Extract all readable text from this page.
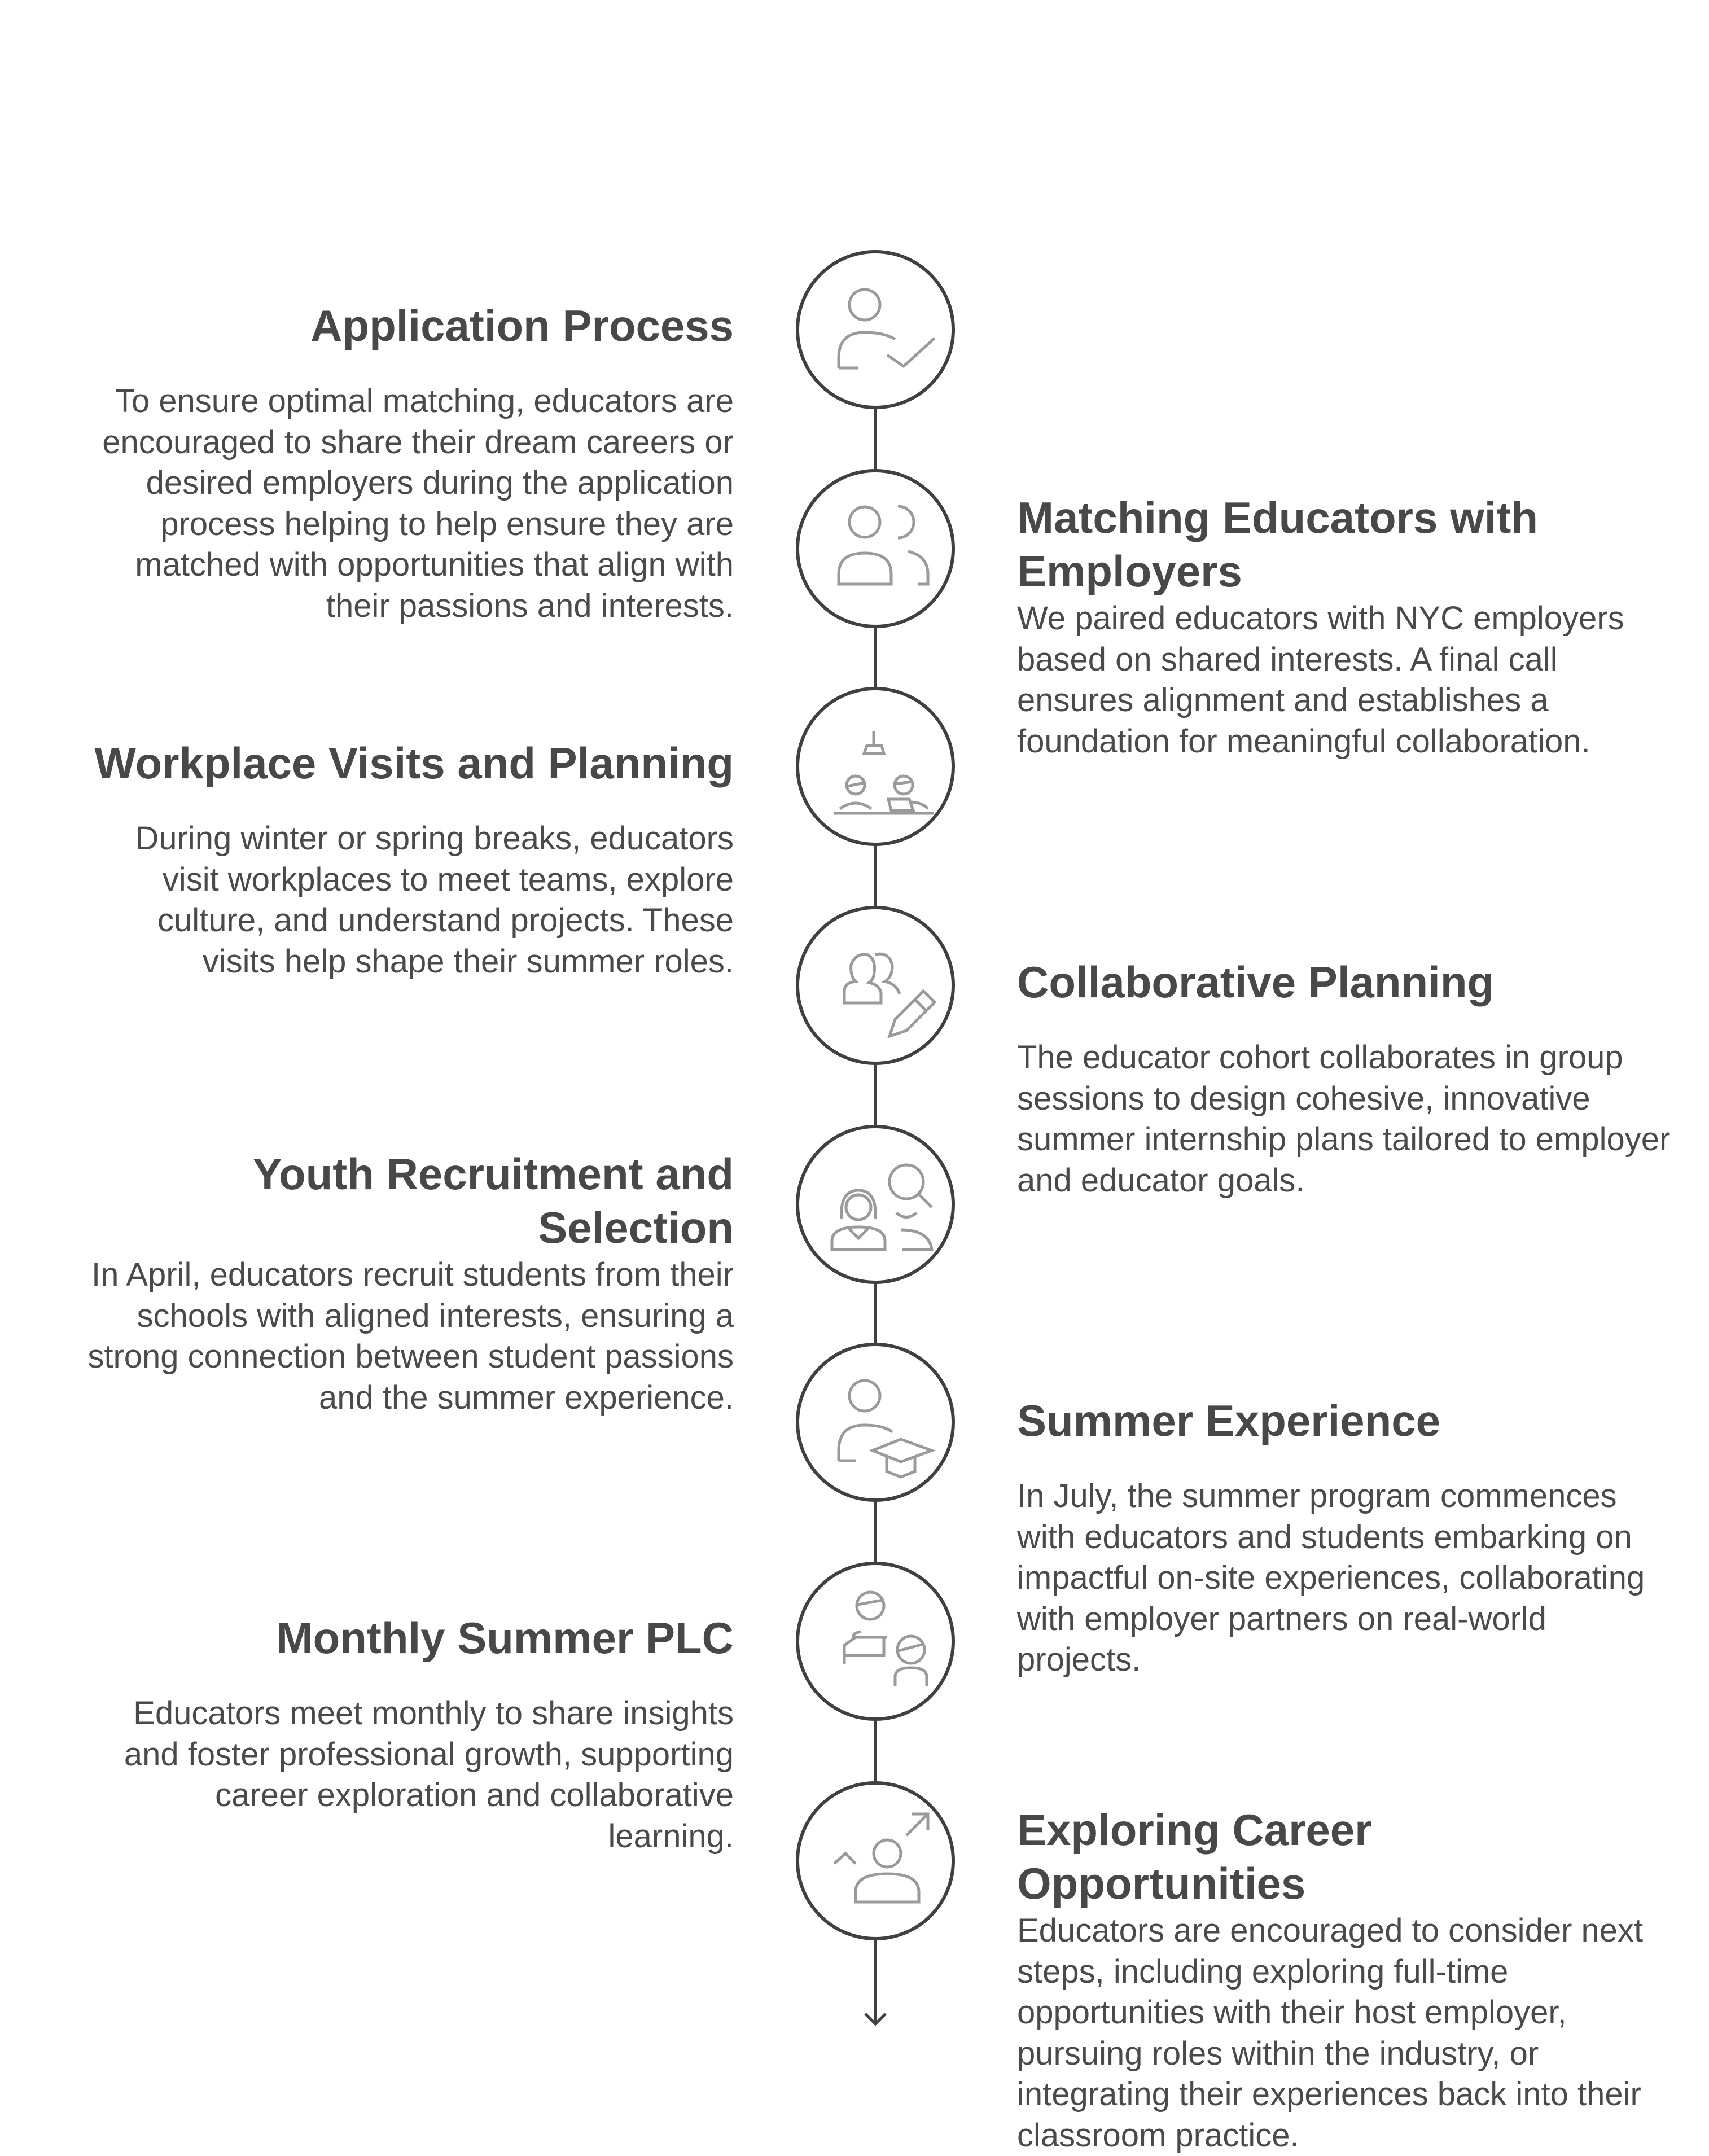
Application Process
To ensure optimal matching, educators are
encouraged to share their dream careers or
desired employers during the application
process helping to help ensure they are
matched with opportunities that align with
their passions and interests.
Matching Educators with
Employers
We paired educators with NYC employers
based on shared interests. A final call
ensures alignment and establishes a
foundation for meaningful collaboration.
Workplace Visits and Planning
During winter or spring breaks, educators
visit workplaces to meet teams, explore
culture, and understand projects. These
visits help shape their summer roles.	Collaborative Planning
The educator cohort collaborates in group
sessions to design cohesive, innovative
summer internship plans tailored to employer
and educator goals.
Youth Recruitment and
Selection
In April, educators recruit students from their
schools with aligned interests, ensuring a
strong connection between student passions
and the summer experience.	Summer Experience
In July, the summer program commences
with educators and students embarking on
impactful on-site experiences, collaborating
with employer partners on real-world
projects.
Monthly Summer PLC
Educators meet monthly to share insights
and foster professional growth, supporting
career exploration and collaborative
learning.	Exploring Career
Opportunities
Educators are encouraged to consider next
steps, including exploring full-time
opportunities with their host employer,
pursuing roles within the industry, or
integrating their experiences back into their
classroom practice.
